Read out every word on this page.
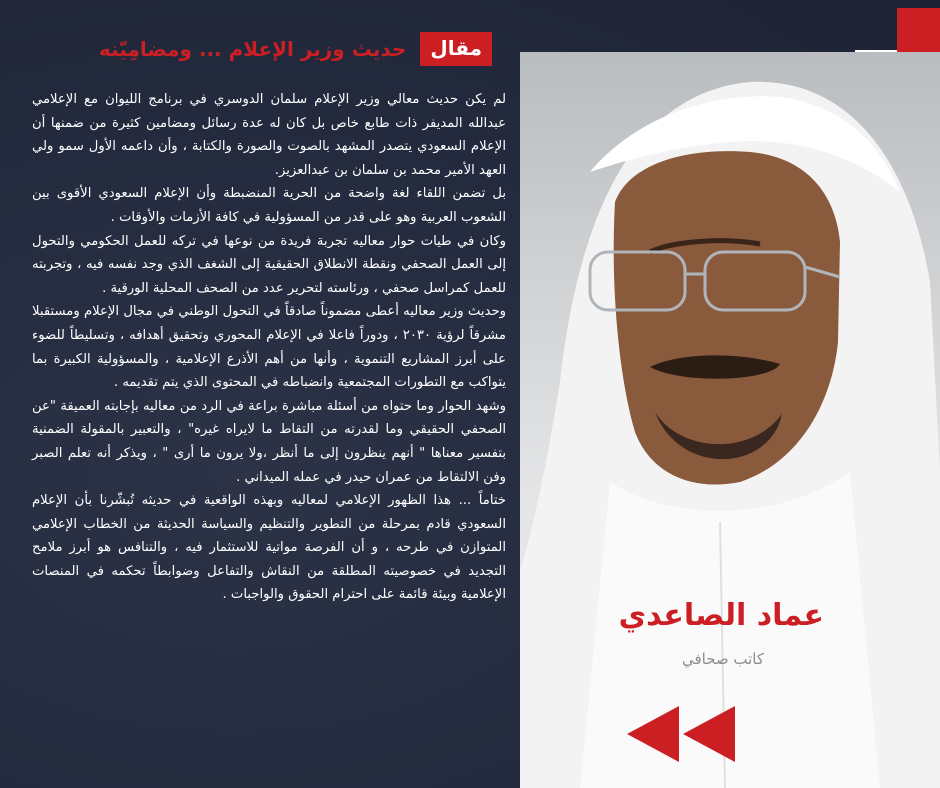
مقال
حديث وزير الإعلام ... ومضامِيّنه

لم يكن حديث معالي وزير الإعلام سلمان الدوسري في برنامج الليوان مع الإعلامي عبدالله المديفر ذات طابع خاص بل كان له عدة رسائل ومضامين كثيرة من ضمنها أن الإعلام السعودي يتصدر المشهد بالصوت والصورة والكتابة ، وأن داعمه الأول سمو ولي العهد الأمير محمد بن سلمان بن عبدالعزيز.

بل تضمن اللقاء لغة واضحة من الحرية المنضبطة وأن الإعلام السعودي الأقوى بين الشعوب العربية وهو على قدر من المسؤولية في كافة الأزمات والأوقات .

وكان في طيات حوار معاليه تجربة فريدة من نوعها في تركه للعمل الحكومي والتحول إلى العمل الصحفي ونقطة الانطلاق الحقيقية إلى الشغف الذي وجد نفسه فيه ، وتجربته للعمل كمراسل صحفي ، ورئاسته لتحرير عدد من الصحف المحلية الورقية .

وحديث وزير معاليه أعطى مضموناً صادقاً في التحول الوطني في مجال الإعلام ومستقبلا مشرقاً لرؤية ٢٠٣٠ ، ودوراً فاعلا في الإعلام المحوري وتحقيق أهدافه ، وتسليطاً للضوء على أبرز المشاريع التنموية ، وأنها من أهم الأذرع الإعلامية ، والمسؤولية الكبيرة بما يتواكب مع التطورات المجتمعية وانضباطه في المحتوى الذي يتم تقديمه .

وشهد الحوار وما حتواه من أسئلة مباشرة براعة في الرد من معاليه بإجابته العميقة "عن الصحفي الحقيقي وما لقدرته من التقاط ما لايراه غيره" ، والتعبير بالمقولة الضمنية بتفسير معناها " أنهم ينظرون إلى ما أنظر ،ولا يرون ما أرى " ، ويذكر أنه تعلم الصبر وفن الالتقاط من عمران حيدر في عمله الميداني .

ختاماً ... هذا الظهور الإعلامي لمعاليه وبهذه الواقعية في حديثه تُبشّرنا بأن الإعلام السعودي قادم بمرحلة من التطوير والتنظيم والسياسة الحديثة من الخطاب الإعلامي المتوازن في طرحه ، و أن الفرصة مواتية للاستثمار فيه ، والتنافس هو أبرز ملامح التجديد في خصوصيته المطلقة من النقاش والتفاعل وضوابطاً تحكمه في المنصات الإعلامية وبيئة قائمة على احترام الحقوق والواجبات .

عماد الصاعدي
كاتب صحافي
